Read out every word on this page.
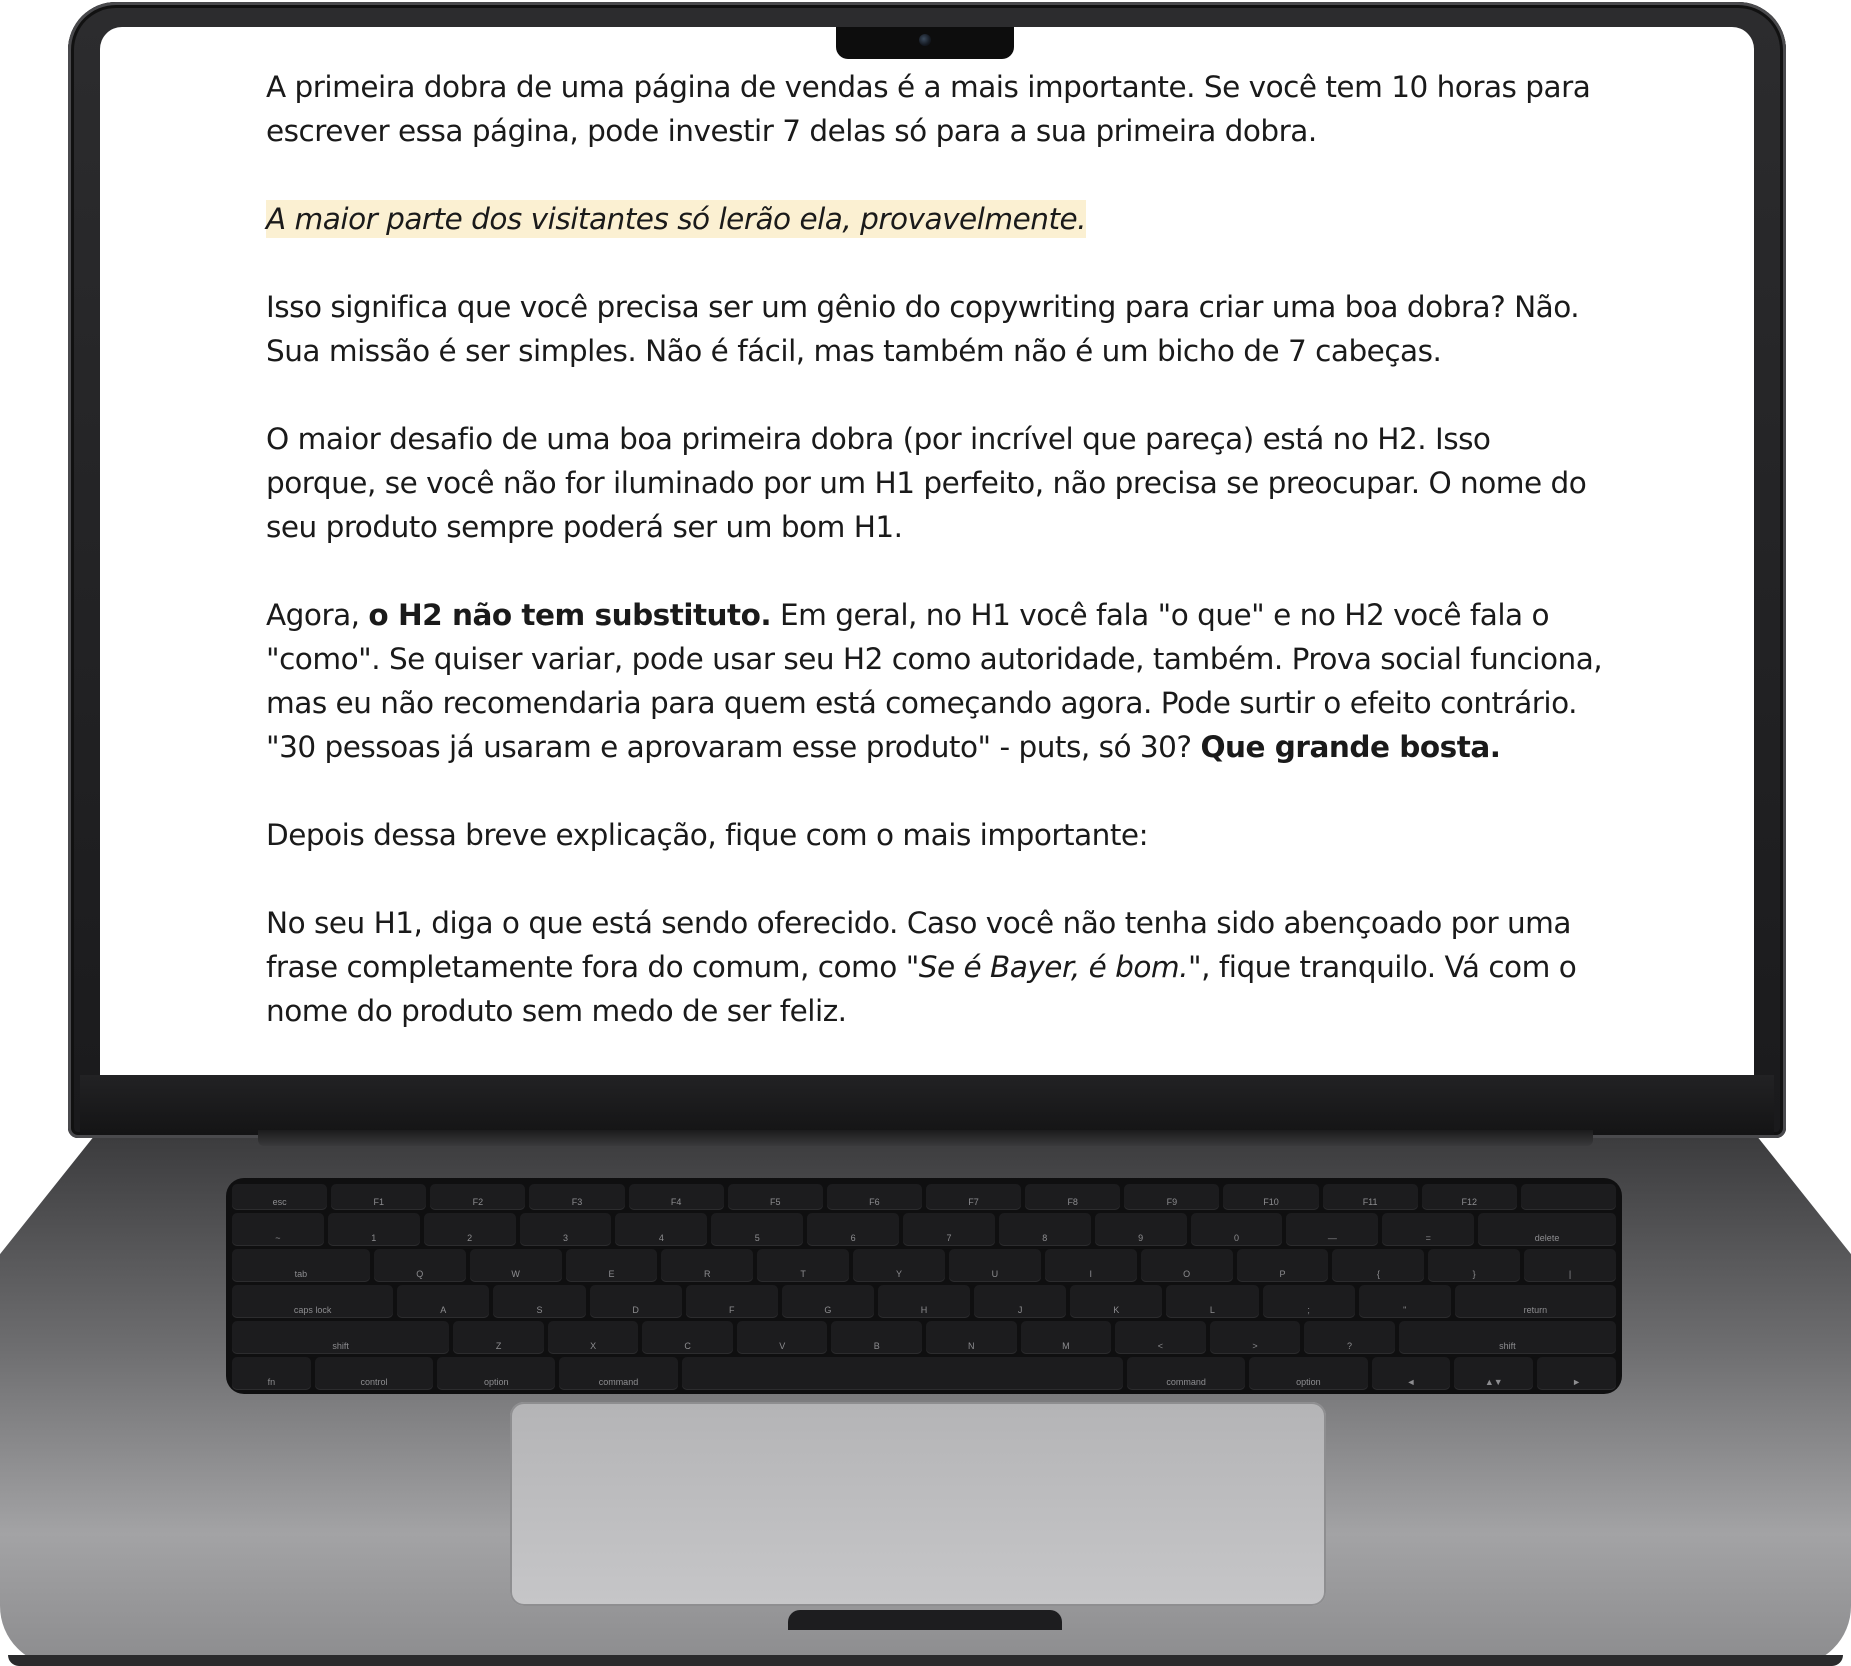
A primeira dobra de uma página de vendas é a mais importante. Se você tem 10 horas para escrever essa página, pode investir 7 delas só para a sua primeira dobra.

A maior parte dos visitantes só lerão ela, provavelmente.

Isso significa que você precisa ser um gênio do copywriting para criar uma boa dobra? Não. Sua missão é ser simples. Não é fácil, mas também não é um bicho de 7 cabeças.

O maior desafio de uma boa primeira dobra (por incrível que pareça) está no H2. Isso porque, se você não for iluminado por um H1 perfeito, não precisa se preocupar. O nome do seu produto sempre poderá ser um bom H1.

Agora, o H2 não tem substituto. Em geral, no H1 você fala "o que" e no H2 você fala o "como". Se quiser variar, pode usar seu H2 como autoridade, também. Prova social funciona, mas eu não recomendaria para quem está começando agora. Pode surtir o efeito contrário. "30 pessoas já usaram e aprovaram esse produto" - puts, só 30? Que grande bosta.

Depois dessa breve explicação, fique com o mais importante:

No seu H1, diga o que está sendo oferecido. Caso você não tenha sido abençoado por uma frase completamente fora do comum, como "Se é Bayer, é bom.", fique tranquilo. Vá com o nome do produto sem medo de ser feliz.

esc	F1	F2	F3	F4	F5	F6	F7	F8	F9	F10	F11	F12
~	1	2	3	4	5	6	7	8	9	0	—	=	delete
tab	Q	W	E	R	T	Y	U	I	O	P	{	}	|
caps lock	A	S	D	F	G	H	J	K	L	;	"	return
shift	Z	X	C	V	B	N	M	<	>	?	shift
fn	control	option	command	command	option	◄	▲▼	►
